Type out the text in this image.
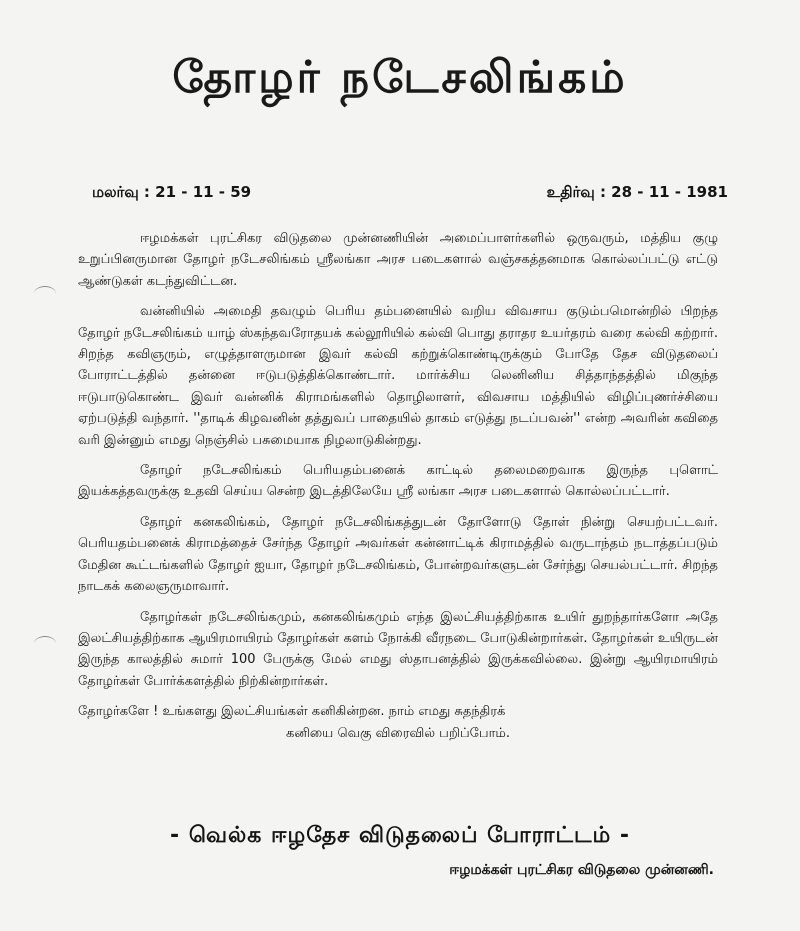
தோழர் நடேசலிங்கம்
மலர்வு : 21 - 11 - 59	உதிர்வு : 28 - 11 - 1981

ஈழமக்கள் புரட்சிகர விடுதலை முன்னணியின் அமைப்பாளர்களில் ஒருவரும், மத்திய குழு உறுப்பினருமான தோழர் நடேசலிங்கம் ஸ்ரீலங்கா அரச படைகளால் வஞ்சகத்தனமாக கொல்லப்பட்டு எட்டு ஆண்டுகள் கடந்துவிட்டன.

வன்னியில் அமைதி தவழும் பெரிய தம்பனையில் வறிய விவசாய குடும்பமொன்றில் பிறந்த தோழர் நடேசலிங்கம் யாழ் ஸ்கந்தவரோதயக் கல்லூரியில் கல்வி பொது தராதர உயர்தரம் வரை கல்வி கற்றார். சிறந்த கவிஞரும், எழுத்தாளருமான இவர் கல்வி கற்றுக்கொண்டிருக்கும் போதே தேச விடுதலைப் போராட்டத்தில் தன்னை ஈடுபடுத்திக்கொண்டார். மார்க்சிய லெனினிய சித்தாந்தத்தில் மிகுந்த ஈடுபாடுகொண்ட இவர் வன்னிக் கிராமங்களில் தொழிலாளர், விவசாய மத்தியில் விழிப்புணர்ச்சியை ஏற்படுத்தி வந்தார். ''தாடிக் கிழவனின் தத்துவப் பாதையில் தாகம் எடுத்து நடப்பவன்'' என்ற அவரின் கவிதை வரி இன்னும் எமது நெஞ்சில் பசுமையாக நிழலாடுகின்றது.

தோழர் நடேசலிங்கம் பெரியதம்பனைக் காட்டில் தலைமறைவாக இருந்த புளொட் இயக்கத்தவருக்கு உதவி செய்ய சென்ற இடத்திலேயே ஸ்ரீ லங்கா அரச படைகளால் கொல்லப்பட்டார்.

தோழர் கனகலிங்கம், தோழர் நடேசலிங்கத்துடன் தோளோடு தோள் நின்று செயற்பட்டவர். பெரியதம்பனைக் கிராமத்தைச் சேர்ந்த தோழர் அவர்கள் கன்னாட்டிக் கிராமத்தில் வருடாந்தம் நடாத்தப்படும் மேதின கூட்டங்களில் தோழர் ஐயா, தோழர் நடேசலிங்கம், போன்றவர்களுடன் சேர்ந்து செயல்பட்டார். சிறந்த நாடகக் கலைஞருமாவார்.

தோழர்கள் நடேசலிங்கமும், கனகலிங்கமும் எந்த இலட்சியத்திற்காக உயிர் துறந்தார்களோ அதே இலட்சியத்திற்காக ஆயிரமாயிரம் தோழர்கள் களம் நோக்கி வீரநடை போடுகின்றார்கள். தோழர்கள் உயிருடன் இருந்த காலத்தில் சுமார் 100 பேருக்கு மேல் எமது ஸ்தாபனத்தில் இருக்கவில்லை. இன்று ஆயிரமாயிரம் தோழர்கள் போர்க்களத்தில் நிற்கின்றார்கள்.

தோழர்களே ! உங்களது இலட்சியங்கள் கனிகின்றன. நாம் எமது சுதந்திரக்

கனியை வெகு விரைவில் பறிப்போம்.

- வெல்க ஈழதேச விடுதலைப் போராட்டம் -
ஈழமக்கள் புரட்சிகர விடுதலை முன்னணி.
